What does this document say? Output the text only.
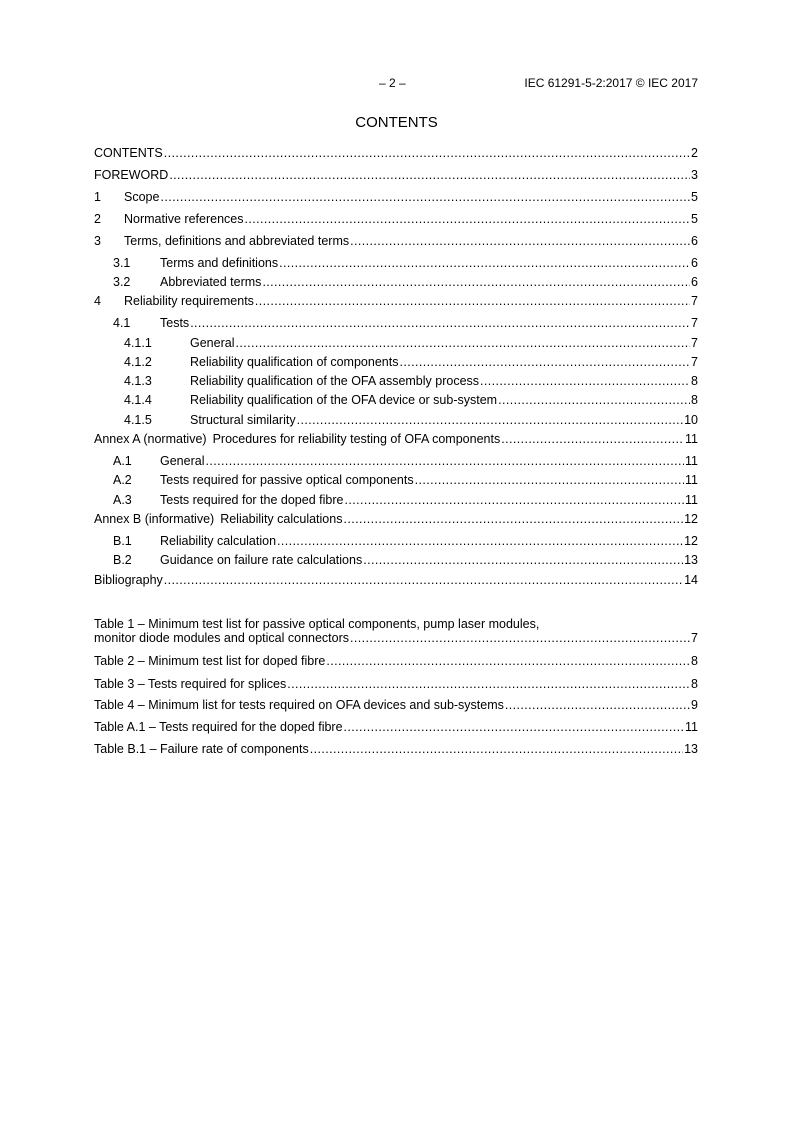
– 2 –	IEC 61291-5-2:2017 © IEC 2017
CONTENTS
CONTENTS .....	2
FOREWORD .....	3
1	Scope .....	5
2	Normative references .....	5
3	Terms, definitions and abbreviated terms .....	6
3.1	Terms and definitions .....	6
3.2	Abbreviated terms .....	6
4	Reliability requirements .....	7
4.1	Tests .....	7
4.1.1	General .....	7
4.1.2	Reliability qualification of components .....	7
4.1.3	Reliability qualification of the OFA assembly process .....	8
4.1.4	Reliability qualification of the OFA device or sub-system .....	8
4.1.5	Structural similarity .....	10
Annex A (normative) Procedures for reliability testing of OFA components .....	11
A.1	General .....	11
A.2	Tests required for passive optical components .....	11
A.3	Tests required for the doped fibre .....	11
Annex B (informative) Reliability calculations .....	12
B.1	Reliability calculation .....	12
B.2	Guidance on failure rate calculations .....	13
Bibliography .....	14
Table 1 – Minimum test list for passive optical components, pump laser modules,
monitor diode modules and optical connectors .....	7
Table 2 – Minimum test list for doped fibre .....	8
Table 3 – Tests required for splices .....	8
Table 4 – Minimum list for tests required on OFA devices and sub-systems .....	9
Table A.1 – Tests required for the doped fibre .....	11
Table B.1 – Failure rate of components .....	13
